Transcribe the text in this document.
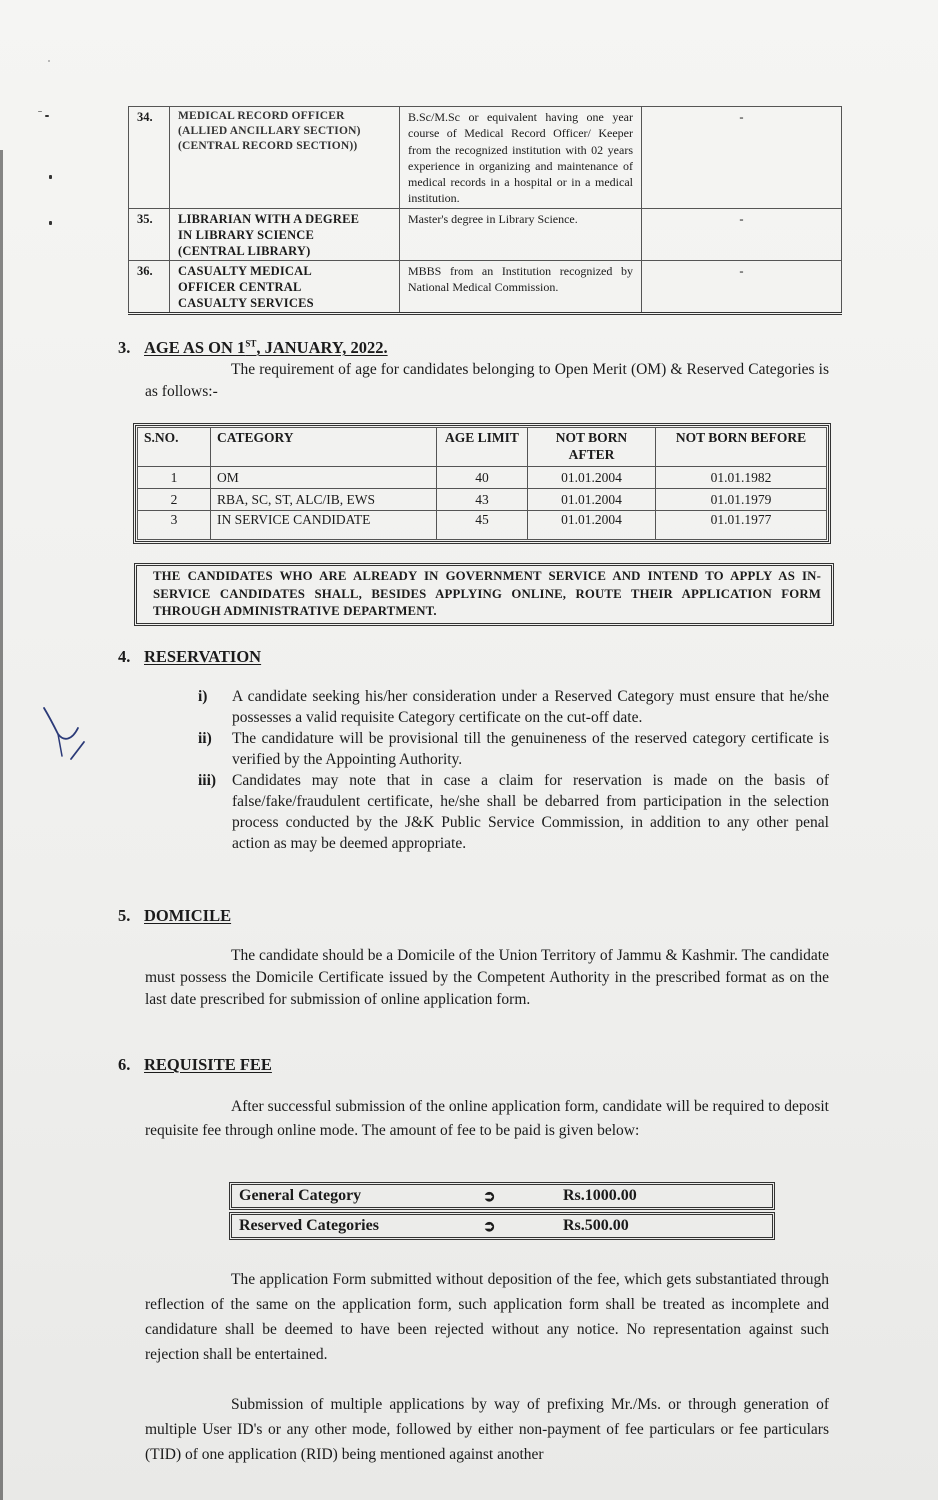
34.	MEDICAL RECORD OFFICER
(ALLIED ANCILLARY SECTION)
(CENTRAL RECORD SECTION))
	B.Sc/M.Sc or equivalent having one year course of Medical Record Officer/ Keeper from the recognized institution with 02 years experience in organizing and maintenance of medical records in a hospital or in a medical institution.	-
35.	LIBRARIAN WITH A DEGREE
IN LIBRARY SCIENCE
(CENTRAL LIBRARY)	Master's degree in Library Science.	-
36.	CASUALTY MEDICAL
OFFICER CENTRAL
CASUALTY SERVICES	MBBS from an Institution recognized by National Medical Commission.	-
3. AGE AS ON 1ST, JANUARY, 2022.
The requirement of age for candidates belonging to Open Merit (OM) & Reserved Categories is as follows:-
S.NO.	CATEGORY	AGE LIMIT	NOT BORN AFTER	NOT BORN BEFORE
1	OM	40	01.01.2004	01.01.1982
2	RBA, SC, ST, ALC/IB, EWS	43	01.01.2004	01.01.1979
3	IN SERVICE CANDIDATE	45	01.01.2004	01.01.1977
THE CANDIDATES WHO ARE ALREADY IN GOVERNMENT SERVICE AND INTEND TO APPLY AS IN-SERVICE CANDIDATES SHALL, BESIDES APPLYING ONLINE, ROUTE THEIR APPLICATION FORM THROUGH ADMINISTRATIVE DEPARTMENT.
4. RESERVATION
i)	A candidate seeking his/her consideration under a Reserved Category must ensure that he/she possesses a valid requisite Category certificate on the cut-off date.
ii)	The candidature will be provisional till the genuineness of the reserved category certificate is verified by the Appointing Authority.
iii)	Candidates may note that in case a claim for reservation is made on the basis of false/fake/fraudulent certificate, he/she shall be debarred from participation in the selection process conducted by the J&K Public Service Commission, in addition to any other penal action as may be deemed appropriate.
5. DOMICILE
The candidate should be a Domicile of the Union Territory of Jammu & Kashmir. The candidate must possess the Domicile Certificate issued by the Competent Authority in the prescribed format as on the last date prescribed for submission of online application form.
6. REQUISITE FEE
After successful submission of the online application form, candidate will be required to deposit requisite fee through online mode. The amount of fee to be paid is given below:
General Category	➲	Rs.1000.00
Reserved Categories	➲	Rs.500.00
The application Form submitted without deposition of the fee, which gets substantiated through reflection of the same on the application form, such application form shall be treated as incomplete and candidature shall be deemed to have been rejected without any notice. No representation against such rejection shall be entertained.
Submission of multiple applications by way of prefixing Mr./Ms. or through generation of multiple User ID's or any other mode, followed by either non-payment of fee particulars or fee particulars (TID) of one application (RID) being mentioned against another
